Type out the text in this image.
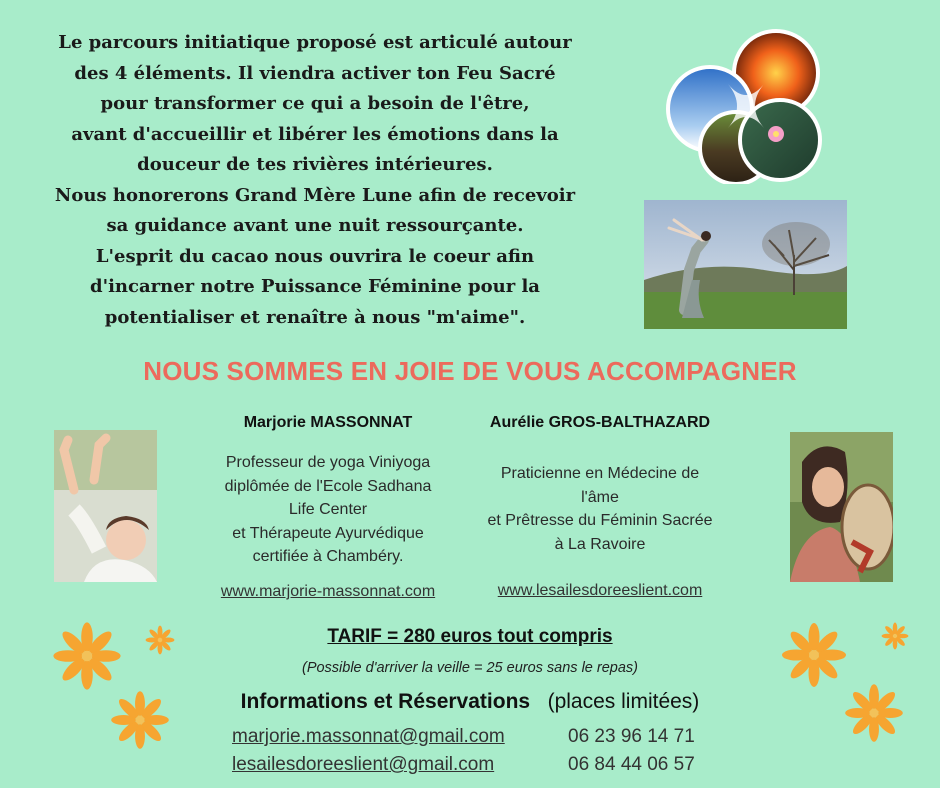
Le parcours initiatique proposé est articulé autour
des 4 éléments. Il viendra activer ton Feu Sacré
pour transformer ce qui a besoin de l'être,
avant d'accueillir et libérer les émotions dans la
douceur de tes rivières intérieures.
Nous honorerons Grand Mère Lune afin de recevoir
sa guidance avant une nuit ressourçante.
L'esprit du cacao nous ouvrira le coeur afin
d'incarner notre Puissance Féminine pour la
potentialiser et renaître à nous "m'aime".
NOUS SOMMES EN JOIE DE VOUS ACCOMPAGNER
Marjorie MASSONNAT
Professeur de yoga Viniyoga
diplômée de l'Ecole Sadhana
Life Center
et Thérapeute Ayurvédique
certifiée à Chambéry.
www.marjorie-massonnat.com
Aurélie GROS-BALTHAZARD
Praticienne en Médecine de
l'âme
et Prêtresse du Féminin Sacrée
à La Ravoire
www.lesailesdoreeslient.com
TARIF = 280 euros tout compris
(Possible d'arriver la veille = 25 euros sans le repas)
Informations et Réservations (places limitées)
marjorie.massonnat@gmail.com	06 23 96 14 71
lesailesdoreeslient@gmail.com	06 84 44 06 57
